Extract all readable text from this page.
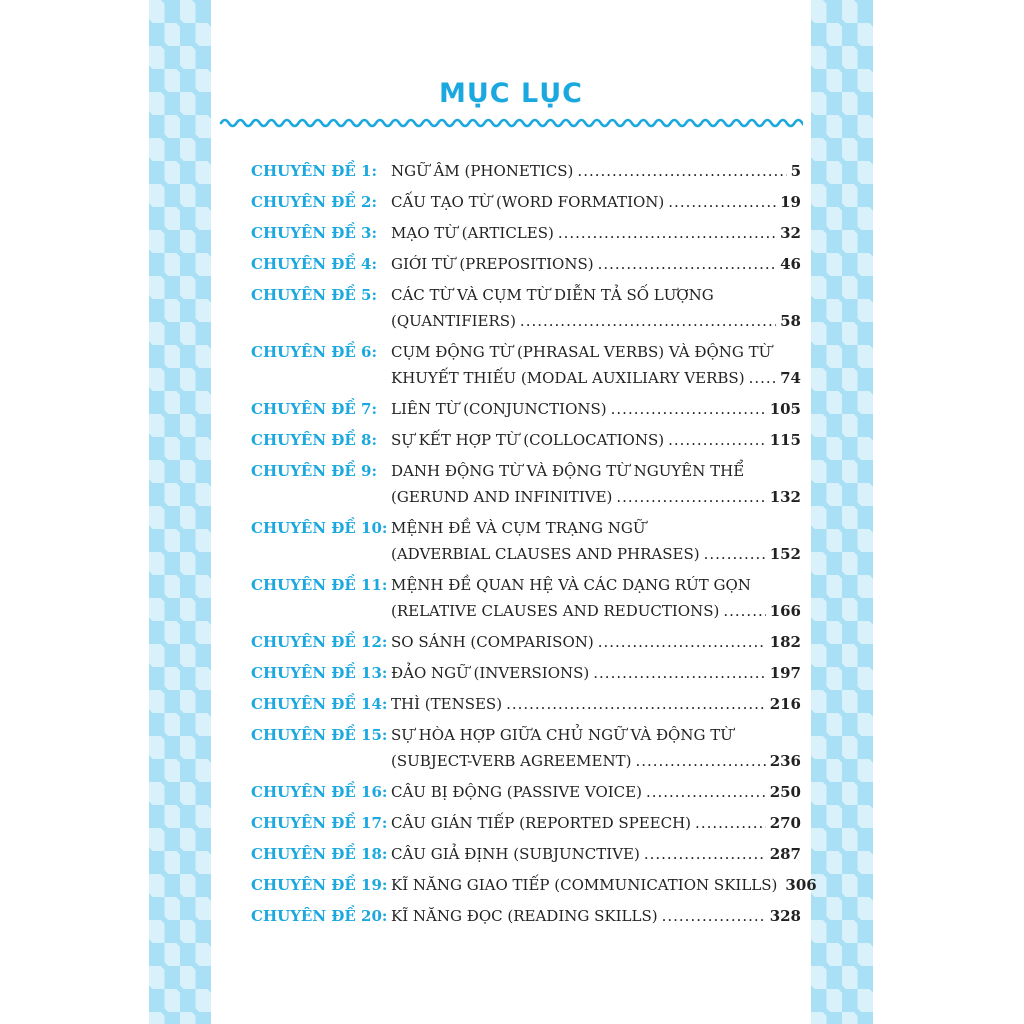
MỤC LỤC
CHUYÊN ĐỀ 1: NGỮ ÂM (PHONETICS) .....	5
CHUYÊN ĐỀ 2: CẤU TẠO TỪ (WORD FORMATION) .....	19
CHUYÊN ĐỀ 3: MẠO TỪ (ARTICLES) .....	32
CHUYÊN ĐỀ 4: GIỚI TỪ (PREPOSITIONS) .....	46
CHUYÊN ĐỀ 5: CÁC TỪ VÀ CỤM TỪ DIỄN TẢ SỐ LƯỢNG
(QUANTIFIERS) .....	58
CHUYÊN ĐỀ 6: CỤM ĐỘNG TỪ (PHRASAL VERBS) VÀ ĐỘNG TỪ
KHUYẾT THIẾU (MODAL AUXILIARY VERBS) ..... 74
CHUYÊN ĐỀ 7: LIÊN TỪ (CONJUNCTIONS) .....	105
CHUYÊN ĐỀ 8: SỰ KẾT HỢP TỪ (COLLOCATIONS) .....	115
CHUYÊN ĐỀ 9: DANH ĐỘNG TỪ VÀ ĐỘNG TỪ NGUYÊN THỂ
(GERUND AND INFINITIVE) .....	132
CHUYÊN ĐỀ 10: MỆNH ĐỀ VÀ CỤM TRẠNG NGỮ
(ADVERBIAL CLAUSES AND PHRASES) .....	152
CHUYÊN ĐỀ 11: MỆNH ĐỀ QUAN HỆ VÀ CÁC DẠNG RÚT GỌN
(RELATIVE CLAUSES AND REDUCTIONS) .....	166
CHUYÊN ĐỀ 12: SO SÁNH (COMPARISON) .....	182
CHUYÊN ĐỀ 13: ĐẢO NGỮ (INVERSIONS) .....	197
CHUYÊN ĐỀ 14: THÌ (TENSES) .....	216
CHUYÊN ĐỀ 15: SỰ HÒA HỢP GIỮA CHỦ NGỮ VÀ ĐỘNG TỪ
(SUBJECT-VERB AGREEMENT) .....	236
CHUYÊN ĐỀ 16: CÂU BỊ ĐỘNG (PASSIVE VOICE) .....	250
CHUYÊN ĐỀ 17: CÂU GIÁN TIẾP (REPORTED SPEECH) .....	270
CHUYÊN ĐỀ 18: CÂU GIẢ ĐỊNH (SUBJUNCTIVE) .....	287
CHUYÊN ĐỀ 19: KĨ NĂNG GIAO TIẾP (COMMUNICATION SKILLS) 306
CHUYÊN ĐỀ 20: KĨ NĂNG ĐỌC (READING SKILLS) .....	328
